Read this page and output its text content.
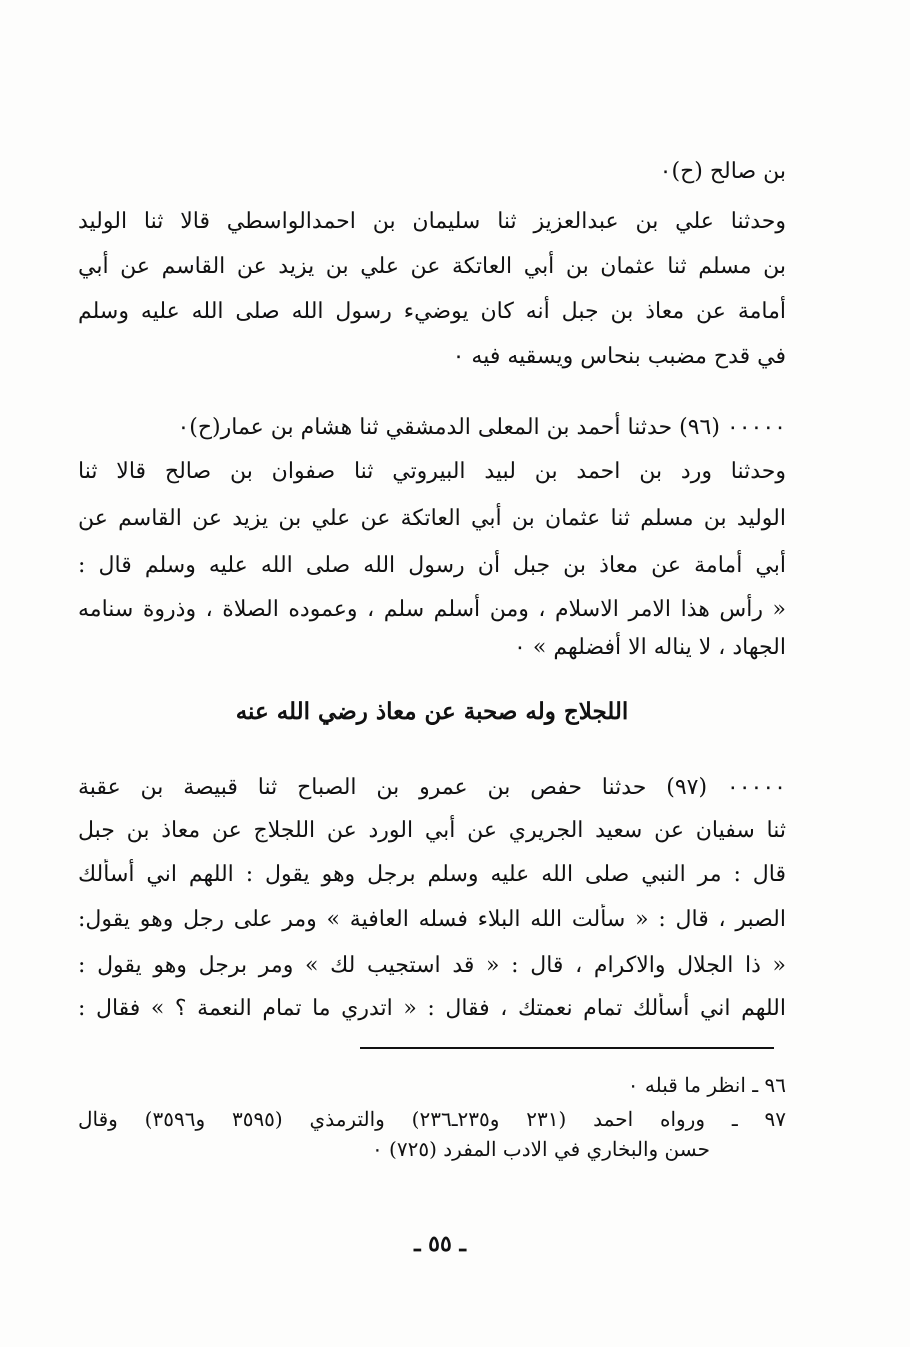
بن صالح (ح)٠
وحدثنا علي بن عبدالعزيز ثنا سليمان بن احمدالواسطي قالا ثنا الوليد
بن مسلم ثنا عثمان بن أبي العاتكة عن علي بن يزيد عن القاسم عن أبي
أمامة عن معاذ بن جبل أنه كان يوضيء رسول الله صلى الله عليه وسلم
في قدح مضبب بنحاس ويسقيه فيه ٠
٠٠٠٠٠ (٩٦) حدثنا أحمد بن المعلى الدمشقي ثنا هشام بن عمار(ح)٠
وحدثنا ورد بن احمد بن لبيد البيروتي ثنا صفوان بن صالح قالا ثنا
الوليد بن مسلم ثنا عثمان بن أبي العاتكة عن علي بن يزيد عن القاسم عن
أبي أمامة عن معاذ بن جبل أن رسول الله صلى الله عليه وسلم قال :
« رأس هذا الامر الاسلام ، ومن أسلم سلم ، وعموده الصلاة ، وذروة سنامه
الجهاد ، لا يناله الا أفضلهم » ٠
اللجلاج وله صحبة عن معاذ رضي الله عنه
٠٠٠٠٠ (٩٧) حدثنا حفص بن عمرو بن الصباح ثنا قبيصة بن عقبة
ثنا سفيان عن سعيد الجريري عن أبي الورد عن اللجلاج عن معاذ بن جبل
قال : مر النبي صلى الله عليه وسلم برجل وهو يقول : اللهم اني أسألك
الصبر ، قال : « سألت الله البلاء فسله العافية » ومر على رجل وهو يقول:
« ذا الجلال والاكرام ، قال : « قد استجيب لك » ومر برجل وهو يقول :
اللهم اني أسألك تمام نعمتك ، فقال : « اتدري ما تمام النعمة ؟ » فقال :
٩٦ ـ انظر ما قبله ٠
٩٧ ـ ورواه احمد (٢٣١ و٢٣٥ـ٢٣٦) والترمذي (٣٥٩٥ و٣٥٩٦) وقال
حسن والبخاري في الادب المفرد (٧٢٥) ٠
ـ ٥٥ ـ
